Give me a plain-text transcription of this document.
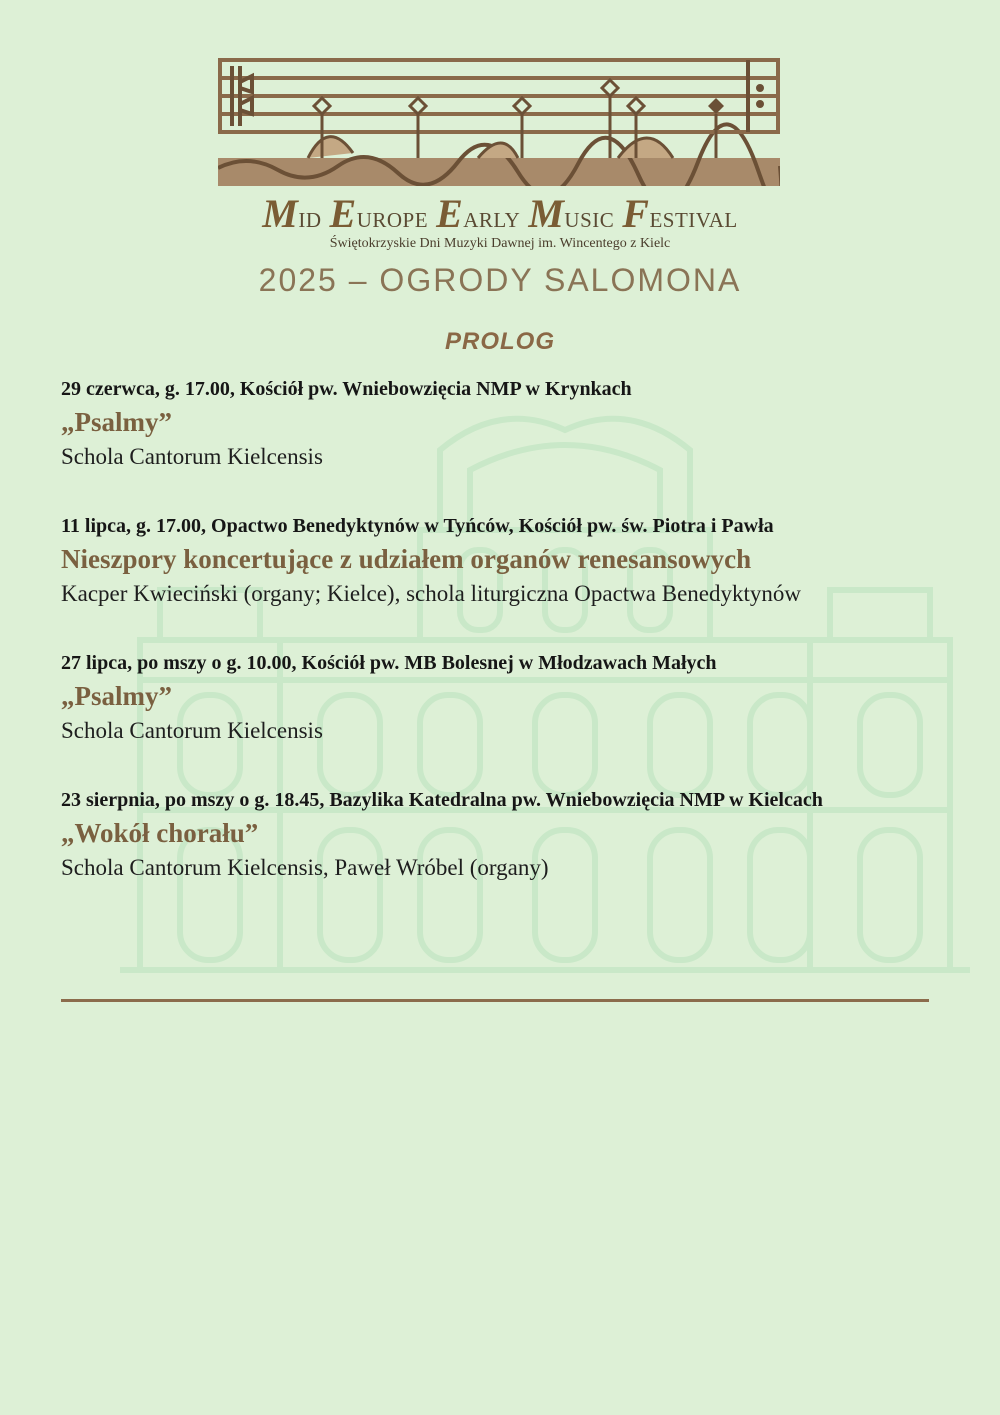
Mid Europe Early Music Festival
Świętokrzyskie Dni Muzyki Dawnej im. Wincentego z Kielc
2025 – OGRODY SALOMONA
PROLOG
29 czerwca, g. 17.00, Kościół pw. Wniebowzięcia NMP w Krynkach
„Psalmy”
Schola Cantorum Kielcensis
11 lipca, g. 17.00, Opactwo Benedyktynów w Tyńców, Kościół pw. św. Piotra i Pawła
Nieszpory koncertujące z udziałem organów renesansowych
Kacper Kwieciński (organy; Kielce), schola liturgiczna Opactwa Benedyktynów
27 lipca, po mszy o g. 10.00, Kościół pw. MB Bolesnej w Młodzawach Małych
„Psalmy”
Schola Cantorum Kielcensis
23 sierpnia, po mszy o g. 18.45, Bazylika Katedralna pw. Wniebowzięcia NMP w Kielcach
„Wokół chorału”
Schola Cantorum Kielcensis, Paweł Wróbel (organy)
